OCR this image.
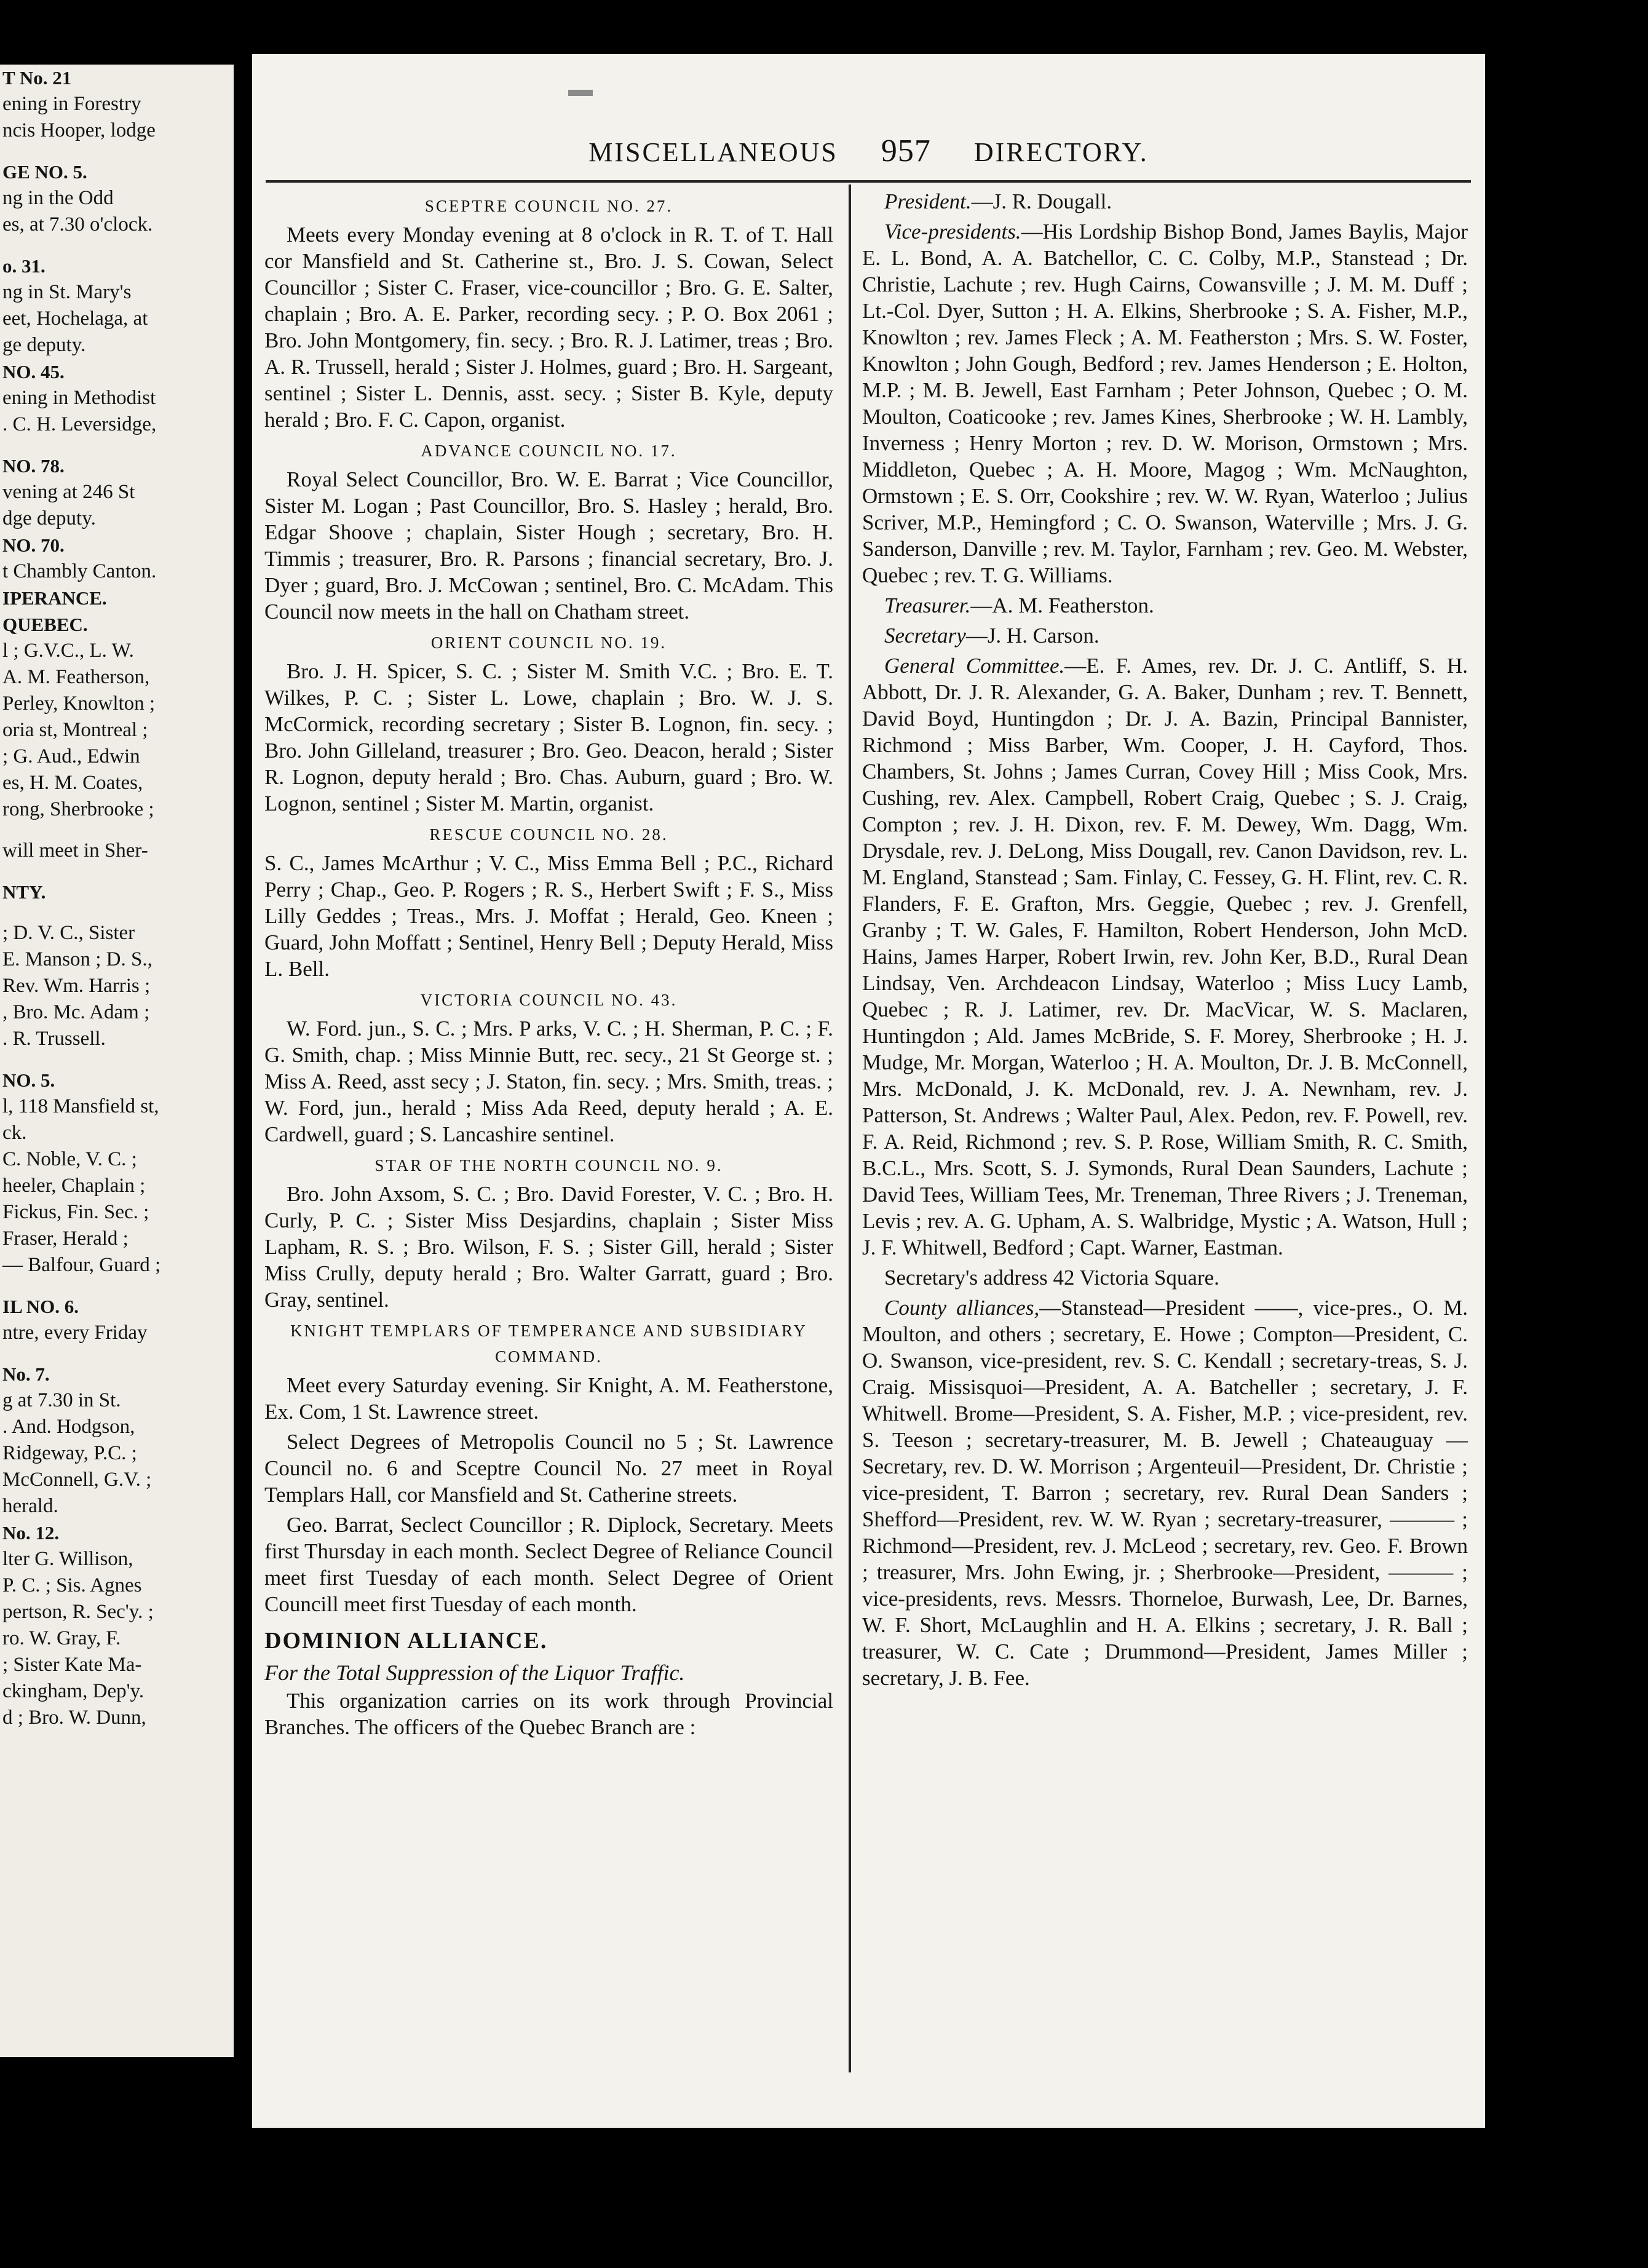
T No. 21
ening in Forestry
ncis Hooper, lodge
GE NO. 5.
ng in the Odd
es, at 7.30 o'clock.
o. 31.
ng in St. Mary's
eet, Hochelaga, at
ge deputy.
NO. 45.
ening in Methodist
. C. H. Leversidge,
NO. 78.
vening at 246 St
dge deputy.
NO. 70.
t Chambly Canton.
IPERANCE.
QUEBEC.
l ; G.V.C., L. W.
A. M. Featherson,
Perley, Knowlton ;
oria st, Montreal ;
; G. Aud., Edwin
es, H. M. Coates,
rong, Sherbrooke ;
will meet in Sher-
NTY.
; D. V. C., Sister
E. Manson ; D. S.,
Rev. Wm. Harris ;
, Bro. Mc. Adam ;
. R. Trussell.
NO. 5.
l, 118 Mansfield st,
ck.
C. Noble, V. C. ;
heeler, Chaplain ;
Fickus, Fin. Sec. ;
Fraser, Herald ;
— Balfour, Guard ;
IL NO. 6.
ntre, every Friday
No. 7.
g at 7.30 in St.
. And. Hodgson,
Ridgeway, P.C. ;
McConnell, G.V. ;
herald.
No. 12.
lter G. Willison,
P. C. ; Sis. Agnes
pertson, R. Sec'y. ;
ro. W. Gray, F.
; Sister Kate Ma-
ckingham, Dep'y.
d ; Bro. W. Dunn,
MISCELLANEOUS 957 DIRECTORY.
SCEPTRE COUNCIL NO. 27.

Meets every Monday evening at 8 o'clock in R. T. of T. Hall cor Mansfield and St. Catherine st., Bro. J. S. Cowan, Select Councillor ; Sister C. Fraser, vice-councillor ; Bro. G. E. Salter, chaplain ; Bro. A. E. Parker, recording secy. ; P. O. Box 2061 ; Bro. John Montgomery, fin. secy. ; Bro. R. J. Latimer, treas ; Bro. A. R. Trussell, herald ; Sister J. Holmes, guard ; Bro. H. Sargeant, sentinel ; Sister L. Dennis, asst. secy. ; Sister B. Kyle, deputy herald ; Bro. F. C. Capon, organist.

ADVANCE COUNCIL NO. 17.

Royal Select Councillor, Bro. W. E. Barrat ; Vice Councillor, Sister M. Logan ; Past Councillor, Bro. S. Hasley ; herald, Bro. Edgar Shoove ; chaplain, Sister Hough ; secretary, Bro. H. Timmis ; treasurer, Bro. R. Parsons ; financial secretary, Bro. J. Dyer ; guard, Bro. J. McCowan ; sentinel, Bro. C. McAdam. This Council now meets in the hall on Chatham street.

ORIENT COUNCIL NO. 19.

Bro. J. H. Spicer, S. C. ; Sister M. Smith V.C. ; Bro. E. T. Wilkes, P. C. ; Sister L. Lowe, chaplain ; Bro. W. J. S. McCormick, recording secretary ; Sister B. Lognon, fin. secy. ; Bro. John Gilleland, treasurer ; Bro. Geo. Deacon, herald ; Sister R. Lognon, deputy herald ; Bro. Chas. Auburn, guard ; Bro. W. Lognon, sentinel ; Sister M. Martin, organist.

RESCUE COUNCIL NO. 28.

S. C., James McArthur ; V. C., Miss Emma Bell ; P.C., Richard Perry ; Chap., Geo. P. Rogers ; R. S., Herbert Swift ; F. S., Miss Lilly Geddes ; Treas., Mrs. J. Moffat ; Herald, Geo. Kneen ; Guard, John Moffatt ; Sentinel, Henry Bell ; Deputy Herald, Miss L. Bell.

VICTORIA COUNCIL NO. 43.

W. Ford. jun., S. C. ; Mrs. P arks, V. C. ; H. Sherman, P. C. ; F. G. Smith, chap. ; Miss Minnie Butt, rec. secy., 21 St George st. ; Miss A. Reed, asst secy ; J. Staton, fin. secy. ; Mrs. Smith, treas. ; W. Ford, jun., herald ; Miss Ada Reed, deputy herald ; A. E. Cardwell, guard ; S. Lancashire sentinel.

STAR OF THE NORTH COUNCIL NO. 9.

Bro. John Axsom, S. C. ; Bro. David Forester, V. C. ; Bro. H. Curly, P. C. ; Sister Miss Desjardins, chaplain ; Sister Miss Lapham, R. S. ; Bro. Wilson, F. S. ; Sister Gill, herald ; Sister Miss Crully, deputy herald ; Bro. Walter Garratt, guard ; Bro. Gray, sentinel.

KNIGHT TEMPLARS OF TEMPERANCE AND SUBSIDIARY COMMAND.

Meet every Saturday evening. Sir Knight, A. M. Featherstone, Ex. Com, 1 St. Lawrence street.

Select Degrees of Metropolis Council no 5 ; St. Lawrence Council no. 6 and Sceptre Council No. 27 meet in Royal Templars Hall, cor Mansfield and St. Catherine streets.

Geo. Barrat, Seclect Councillor ; R. Diplock, Secretary. Meets first Thursday in each month. Seclect Degree of Reliance Council meet first Tuesday of each month. Select Degree of Orient Councill meet first Tuesday of each month.

DOMINION ALLIANCE.
For the Total Suppression of the Liquor Traffic.

This organization carries on its work through Provincial Branches. The officers of the Quebec Branch are :

President.—J. R. Dougall.

Vice-presidents.—His Lordship Bishop Bond, James Baylis, Major E. L. Bond, A. A. Batchellor, C. C. Colby, M.P., Stanstead ; Dr. Christie, Lachute ; rev. Hugh Cairns, Cowansville ; J. M. M. Duff ; Lt.-Col. Dyer, Sutton ; H. A. Elkins, Sherbrooke ; S. A. Fisher, M.P., Knowlton ; rev. James Fleck ; A. M. Featherston ; Mrs. S. W. Foster, Knowlton ; John Gough, Bedford ; rev. James Henderson ; E. Holton, M.P. ; M. B. Jewell, East Farnham ; Peter Johnson, Quebec ; O. M. Moulton, Coaticooke ; rev. James Kines, Sherbrooke ; W. H. Lambly, Inverness ; Henry Morton ; rev. D. W. Morison, Ormstown ; Mrs. Middleton, Quebec ; A. H. Moore, Magog ; Wm. McNaughton, Ormstown ; E. S. Orr, Cookshire ; rev. W. W. Ryan, Waterloo ; Julius Scriver, M.P., Hemingford ; C. O. Swanson, Waterville ; Mrs. J. G. Sanderson, Danville ; rev. M. Taylor, Farnham ; rev. Geo. M. Webster, Quebec ; rev. T. G. Williams.

Treasurer.—A. M. Featherston.

Secretary—J. H. Carson.

General Committee.—E. F. Ames, rev. Dr. J. C. Antliff, S. H. Abbott, Dr. J. R. Alexander, G. A. Baker, Dunham ; rev. T. Bennett, David Boyd, Huntingdon ; Dr. J. A. Bazin, Principal Bannister, Richmond ; Miss Barber, Wm. Cooper, J. H. Cayford, Thos. Chambers, St. Johns ; James Curran, Covey Hill ; Miss Cook, Mrs. Cushing, rev. Alex. Campbell, Robert Craig, Quebec ; S. J. Craig, Compton ; rev. J. H. Dixon, rev. F. M. Dewey, Wm. Dagg, Wm. Drysdale, rev. J. DeLong, Miss Dougall, rev. Canon Davidson, rev. L. M. England, Stanstead ; Sam. Finlay, C. Fessey, G. H. Flint, rev. C. R. Flanders, F. E. Grafton, Mrs. Geggie, Quebec ; rev. J. Grenfell, Granby ; T. W. Gales, F. Hamilton, Robert Henderson, John McD. Hains, James Harper, Robert Irwin, rev. John Ker, B.D., Rural Dean Lindsay, Ven. Archdeacon Lindsay, Waterloo ; Miss Lucy Lamb, Quebec ; R. J. Latimer, rev. Dr. MacVicar, W. S. Maclaren, Huntingdon ; Ald. James McBride, S. F. Morey, Sherbrooke ; H. J. Mudge, Mr. Morgan, Waterloo ; H. A. Moulton, Dr. J. B. McConnell, Mrs. McDonald, J. K. McDonald, rev. J. A. Newnham, rev. J. Patterson, St. Andrews ; Walter Paul, Alex. Pedon, rev. F. Powell, rev. F. A. Reid, Richmond ; rev. S. P. Rose, William Smith, R. C. Smith, B.C.L., Mrs. Scott, S. J. Symonds, Rural Dean Saunders, Lachute ; David Tees, William Tees, Mr. Treneman, Three Rivers ; J. Treneman, Levis ; rev. A. G. Upham, A. S. Walbridge, Mystic ; A. Watson, Hull ; J. F. Whitwell, Bedford ; Capt. Warner, Eastman.

Secretary's address 42 Victoria Square.

County alliances,—Stanstead—President ——, vice-pres., O. M. Moulton, and others ; secretary, E. Howe ; Compton—President, C. O. Swanson, vice-president, rev. S. C. Kendall ; secretary-treas, S. J. Craig. Missisquoi—President, A. A. Batcheller ; secretary, J. F. Whitwell. Brome—President, S. A. Fisher, M.P. ; vice-president, rev. S. Teeson ; secretary-treasurer, M. B. Jewell ; Chateauguay — Secretary, rev. D. W. Morrison ; Argenteuil—President, Dr. Christie ; vice-president, T. Barron ; secretary, rev. Rural Dean Sanders ; Shefford—President, rev. W. W. Ryan ; secretary-treasurer, ——— ; Richmond—President, rev. J. McLeod ; secretary, rev. Geo. F. Brown ; treasurer, Mrs. John Ewing, jr. ; Sherbrooke—President, ——— ; vice-presidents, revs. Messrs. Thorneloe, Burwash, Lee, Dr. Barnes, W. F. Short, McLaughlin and H. A. Elkins ; secretary, J. R. Ball ; treasurer, W. C. Cate ; Drummond—President, James Miller ; secretary, J. B. Fee.
